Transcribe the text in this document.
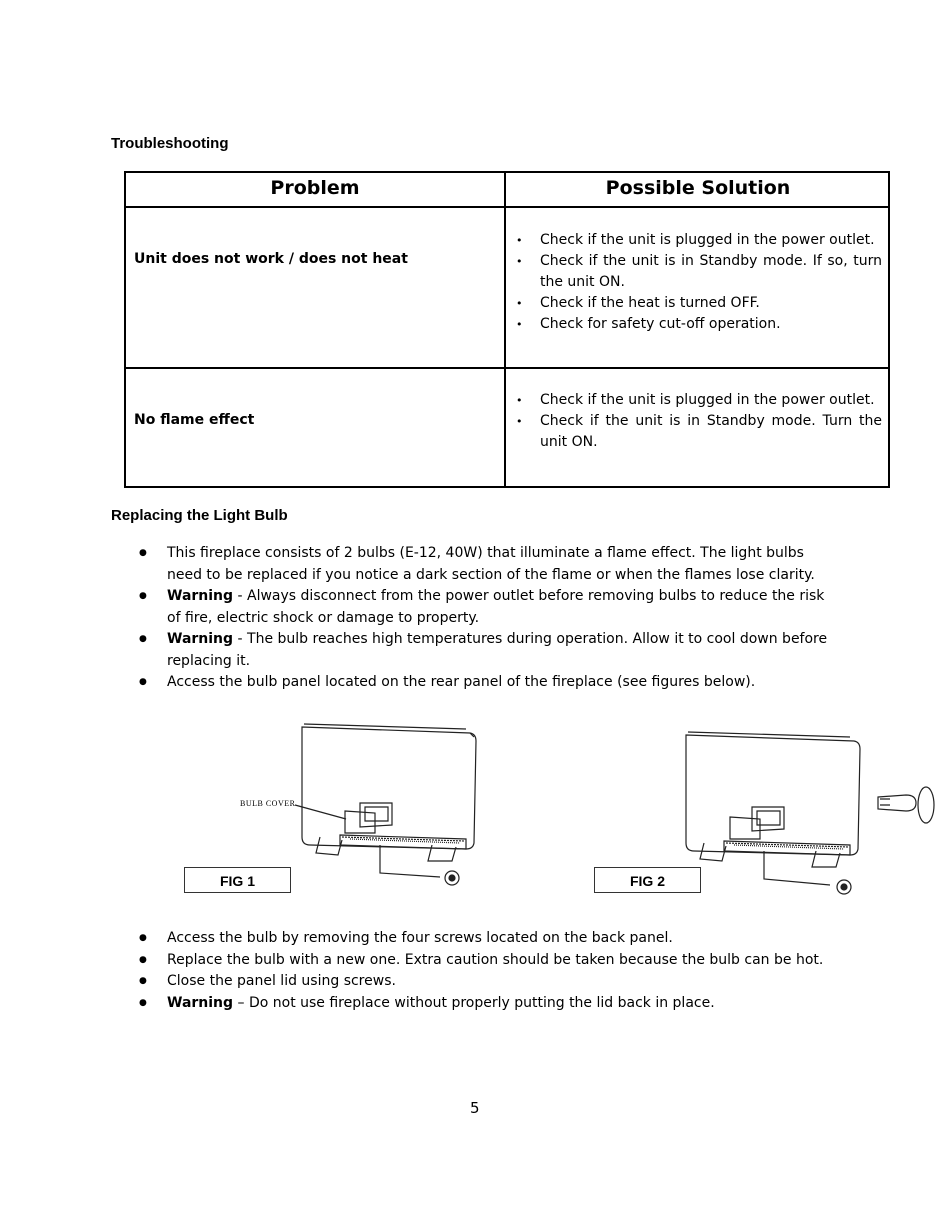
Troubleshooting
Problem	Possible Solution
Unit does not work / does not heat
• Check if the unit is plugged in the power outlet.
• Check if the unit is in Standby mode. If so, turn the unit ON.
• Check if the heat is turned OFF.
• Check for safety cut-off operation.
No flame effect
• Check if the unit is plugged in the power outlet.
• Check if the unit is in Standby mode. Turn the unit ON.
Replacing the Light Bulb
● This fireplace consists of 2 bulbs (E-12, 40W) that illuminate a flame effect. The light bulbs need to be replaced if you notice a dark section of the flame or when the flames lose clarity.
● Warning - Always disconnect from the power outlet before removing bulbs to reduce the risk of fire, electric shock or damage to property.
● Warning - The bulb reaches high temperatures during operation. Allow it to cool down before replacing it.
● Access the bulb panel located on the rear panel of the fireplace (see figures below).
BULB COVER
FIG 1	FIG 2
● Access the bulb by removing the four screws located on the back panel.
● Replace the bulb with a new one. Extra caution should be taken because the bulb can be hot.
● Close the panel lid using screws.
● Warning – Do not use fireplace without properly putting the lid back in place.
5
